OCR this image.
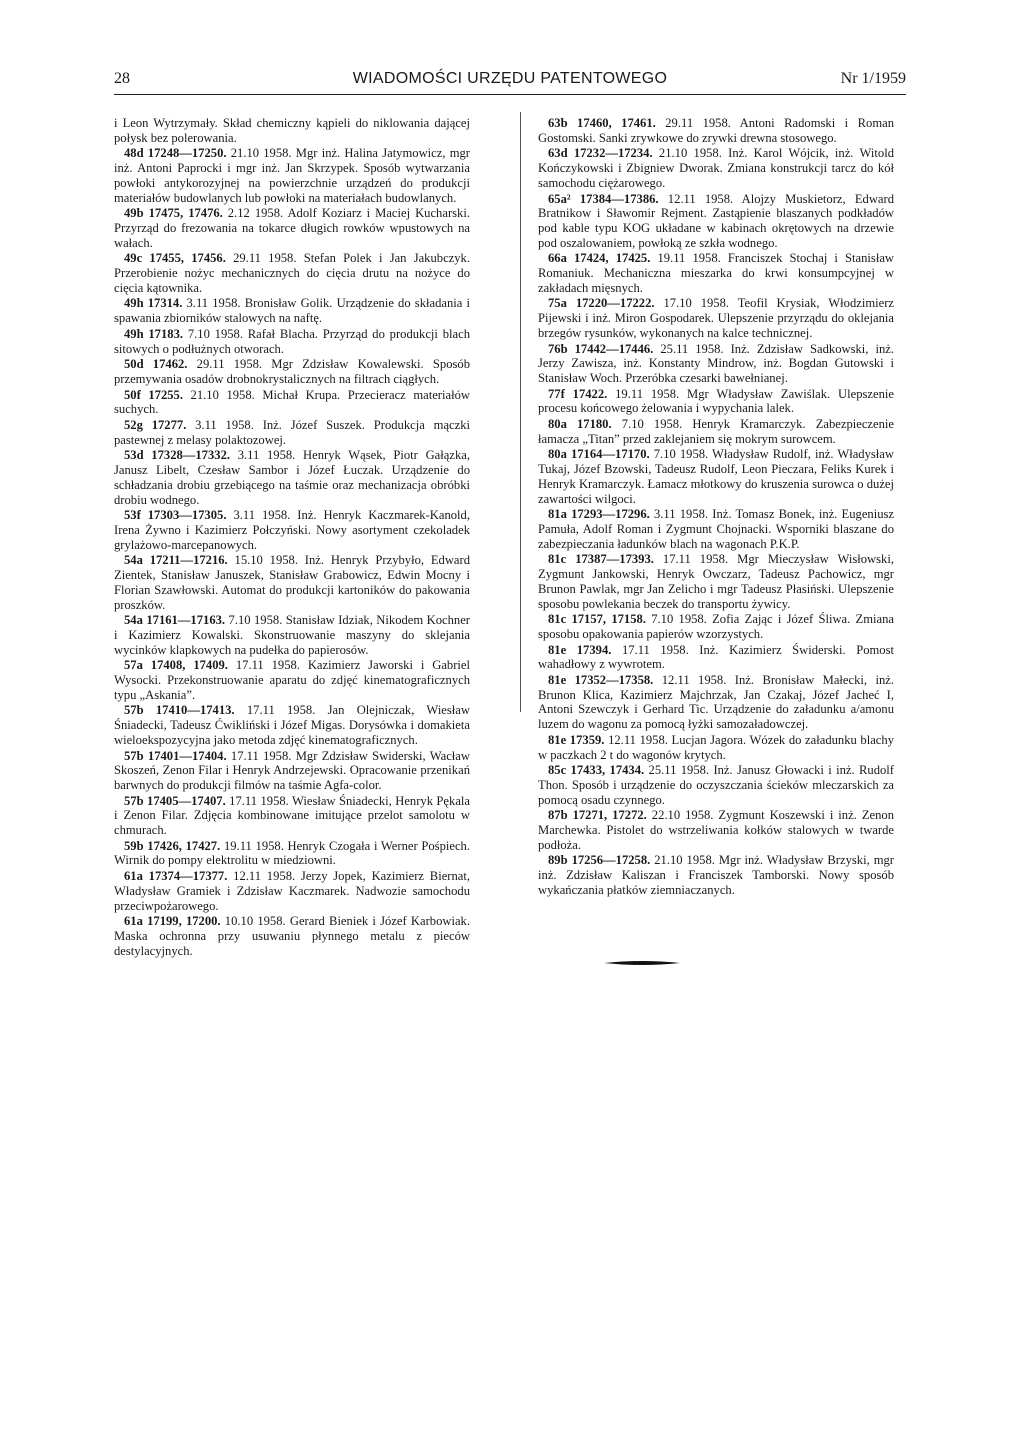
28	WIADOMOŚCI URZĘDU PATENTOWEGO	Nr 1/1959

i Leon Wytrzymały. Skład chemiczny kąpieli do niklowania dającej połysk bez polerowania.

48d 17248—17250. 21.10 1958. Mgr inż. Halina Jatymowicz, mgr inż. Antoni Paprocki i mgr inż. Jan Skrzypek. Sposób wytwarzania powłoki antykorozyjnej na powierzchnie urządzeń do produkcji materiałów budowlanych lub powłoki na materiałach budowlanych.

49b 17475, 17476. 2.12 1958. Adolf Koziarz i Maciej Kucharski. Przyrząd do frezowania na tokarce długich rowków wpustowych na wałach.

49c 17455, 17456. 29.11 1958. Stefan Polek i Jan Jakubczyk. Przerobienie nożyc mechanicznych do cięcia drutu na nożyce do cięcia kątownika.

49h 17314. 3.11 1958. Bronisław Golik. Urządzenie do składania i spawania zbiorników stalowych na naftę.

49h 17183. 7.10 1958. Rafał Blacha. Przyrząd do produkcji blach sitowych o podłużnych otworach.

50d 17462. 29.11 1958. Mgr Zdzisław Kowalewski. Sposób przemywania osadów drobnokrystalicznych na filtrach ciągłych.

50f 17255. 21.10 1958. Michał Krupa. Przecieracz materiałów suchych.

52g 17277. 3.11 1958. Inż. Józef Suszek. Produkcja mączki pastewnej z melasy polaktozowej.

53d 17328—17332. 3.11 1958. Henryk Wąsek, Piotr Gałązka, Janusz Libelt, Czesław Sambor i Józef Łuczak. Urządzenie do schładzania drobiu grzebiącego na taśmie oraz mechanizacja obróbki drobiu wodnego.

53f 17303—17305. 3.11 1958. Inż. Henryk Kaczmarek-Kanold, Irena Żywno i Kazimierz Połczyński. Nowy asortyment czekoladek grylażowo-marcepanowych.

54a 17211—17216. 15.10 1958. Inż. Henryk Przybyło, Edward Zientek, Stanisław Januszek, Stanisław Grabowicz, Edwin Mocny i Florian Szawłowski. Automat do produkcji kartoników do pakowania proszków.

54a 17161—17163. 7.10 1958. Stanisław Idziak, Nikodem Kochner i Kazimierz Kowalski. Skonstruowanie maszyny do sklejania wycinków klapkowych na pudełka do papierosów.

57a 17408, 17409. 17.11 1958. Kazimierz Jaworski i Gabriel Wysocki. Przekonstruowanie aparatu do zdjęć kinematograficznych typu „Askania”.

57b 17410—17413. 17.11 1958. Jan Olejniczak, Wiesław Śniadecki, Tadeusz Ćwikliński i Józef Migas. Dorysówka i domakieta wieloekspozycyjna jako metoda zdjęć kinematograficznych.

57b 17401—17404. 17.11 1958. Mgr Zdzisław Swiderski, Wacław Skoszeń, Zenon Filar i Henryk Andrzejewski. Opracowanie przenikań barwnych do produkcji filmów na taśmie Agfa-color.

57b 17405—17407. 17.11 1958. Wiesław Śniadecki, Henryk Pękala i Zenon Filar. Zdjęcia kombinowane imitujące przelot samolotu w chmurach.

59b 17426, 17427. 19.11 1958. Henryk Czogała i Werner Pośpiech. Wirnik do pompy elektrolitu w miedziowni.

61a 17374—17377. 12.11 1958. Jerzy Jopek, Kazimierz Biernat, Władysław Gramiek i Zdzisław Kaczmarek. Nadwozie samochodu przeciwpożarowego.

61a 17199, 17200. 10.10 1958. Gerard Bieniek i Józef Karbowiak. Maska ochronna przy usuwaniu płynnego metalu z pieców destylacyjnych.

63b 17460, 17461. 29.11 1958. Antoni Radomski i Roman Gostomski. Sanki zrywkowe do zrywki drewna stosowego.

63d 17232—17234. 21.10 1958. Inż. Karol Wójcik, inż. Witold Kończykowski i Zbigniew Dworak. Zmiana konstrukcji tarcz do kół samochodu ciężarowego.

65a² 17384—17386. 12.11 1958. Alojzy Muskietorz, Edward Bratnikow i Sławomir Rejment. Zastąpienie blaszanych podkładów pod kable typu KOG układane w kabinach okrętowych na drzewie pod oszalowaniem, powłoką ze szkła wodnego.

66a 17424, 17425. 19.11 1958. Franciszek Stochaj i Stanisław Romaniuk. Mechaniczna mieszarka do krwi konsumpcyjnej w zakładach mięsnych.

75a 17220—17222. 17.10 1958. Teofil Krysiak, Włodzimierz Pijewski i inż. Miron Gospodarek. Ulepszenie przyrządu do oklejania brzegów rysunków, wykonanych na kalce technicznej.

76b 17442—17446. 25.11 1958. Inż. Zdzisław Sadkowski, inż. Jerzy Zawisza, inż. Konstanty Mindrow, inż. Bogdan Gutowski i Stanisław Woch. Przeróbka czesarki bawełnianej.

77f 17422. 19.11 1958. Mgr Władysław Zawiślak. Ulepszenie procesu końcowego żelowania i wypychania lalek.

80a 17180. 7.10 1958. Henryk Kramarczyk. Zabezpieczenie łamacza „Titan” przed zaklejaniem się mokrym surowcem.

80a 17164—17170. 7.10 1958. Władysław Rudolf, inż. Władysław Tukaj, Józef Bzowski, Tadeusz Rudolf, Leon Pieczara, Feliks Kurek i Henryk Kramarczyk. Łamacz młotkowy do kruszenia surowca o dużej zawartości wilgoci.

81a 17293—17296. 3.11 1958. Inż. Tomasz Bonek, inż. Eugeniusz Pamuła, Adolf Roman i Zygmunt Chojnacki. Wsporniki blaszane do zabezpieczania ładunków blach na wagonach P.K.P.

81c 17387—17393. 17.11 1958. Mgr Mieczysław Wisłowski, Zygmunt Jankowski, Henryk Owczarz, Tadeusz Pachowicz, mgr Brunon Pawlak, mgr Jan Zelicho i mgr Tadeusz Płasiński. Ulepszenie sposobu powlekania beczek do transportu żywicy.

81c 17157, 17158. 7.10 1958. Zofia Zając i Józef Śliwa. Zmiana sposobu opakowania papierów wzorzystych.

81e 17394. 17.11 1958. Inż. Kazimierz Świderski. Pomost wahadłowy z wywrotem.

81e 17352—17358. 12.11 1958. Inż. Bronisław Małecki, inż. Brunon Klica, Kazimierz Majchrzak, Jan Czakaj, Józef Jacheć I, Antoni Szewczyk i Gerhard Tic. Urządzenie do załadunku a/amonu luzem do wagonu za pomocą łyżki samozaładowczej.

81e 17359. 12.11 1958. Lucjan Jagora. Wózek do załadunku blachy w paczkach 2 t do wagonów krytych.

85c 17433, 17434. 25.11 1958. Inż. Janusz Głowacki i inż. Rudolf Thon. Sposób i urządzenie do oczyszczania ścieków mleczarskich za pomocą osadu czynnego.

87b 17271, 17272. 22.10 1958. Zygmunt Koszewski i inż. Zenon Marchewka. Pistolet do wstrzeliwania kołków stalowych w twarde podłoża.

89b 17256—17258. 21.10 1958. Mgr inż. Władysław Brzyski, mgr inż. Zdzisław Kaliszan i Franciszek Tamborski. Nowy sposób wykańczania płatków ziemniaczanych.
